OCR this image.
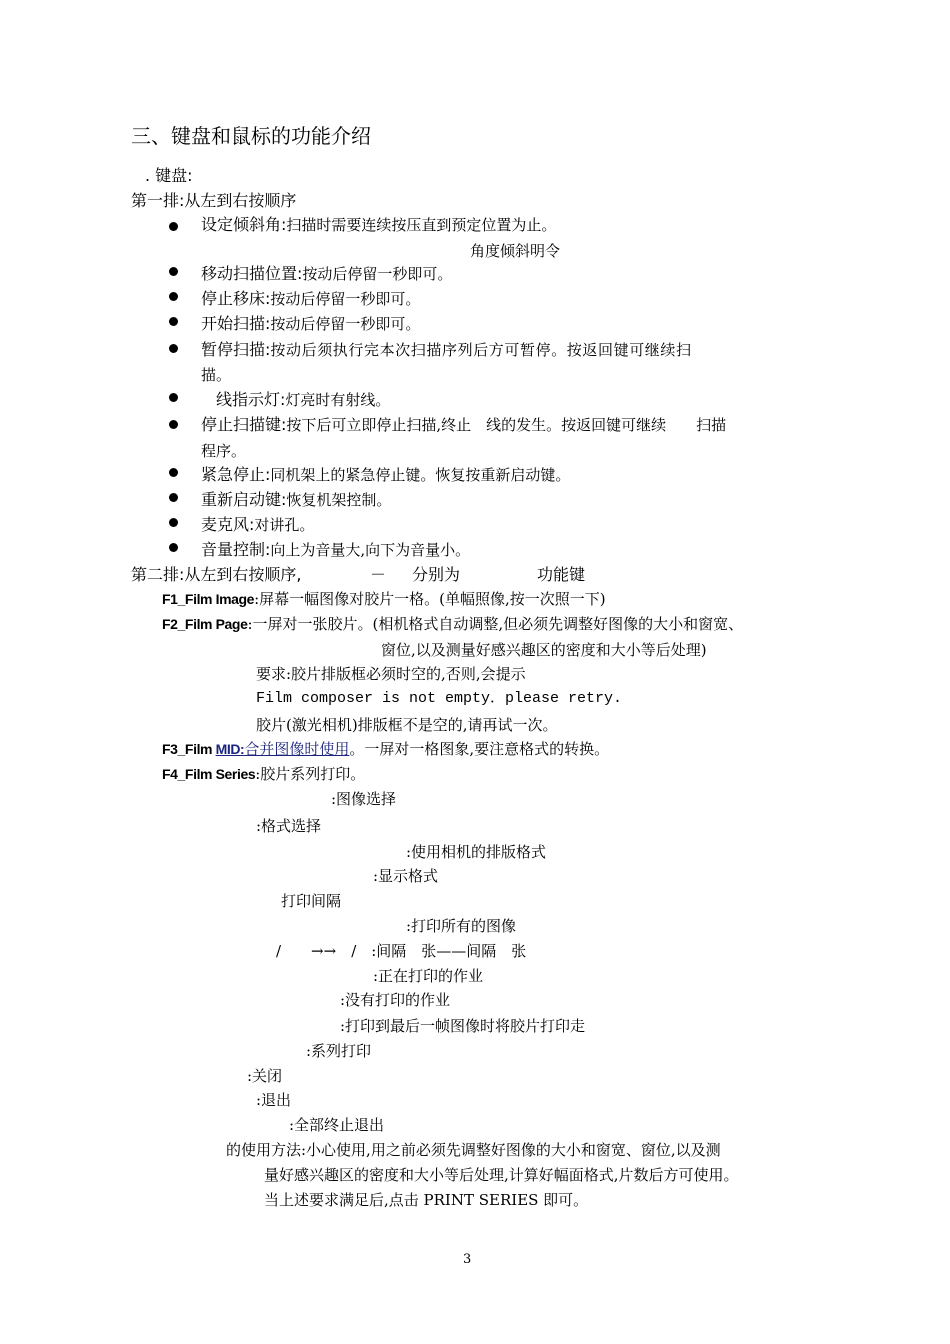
三、键盘和鼠标的功能介绍
. 键盘:
第一排:从左到右按顺序
设定倾斜角:扫描时需要连续按压直到预定位置为止。
角度倾斜明令
移动扫描位置:按动后停留一秒即可。
停止移床:按动后停留一秒即可。
开始扫描:按动后停留一秒即可。
暂停扫描:按动后须执行完本次扫描序列后方可暂停。按返回键可继续扫
描。
线指示灯:灯亮时有射线。
停止扫描键:按下后可立即停止扫描,终止　线的发生。按返回键可继续　　扫描
程序。
紧急停止:同机架上的紧急停止键。恢复按重新启动键。
重新启动键:恢复机架控制。
麦克风:对讲孔。
音量控制:向上为音量大,向下为音量小。
第二排:从左到右按顺序,	－ 分别为	功能键
F1_Film Image:屏幕一幅图像对胶片一格。(单幅照像,按一次照一下)
F2_Film Page:一屏对一张胶片。(相机格式自动调整,但必须先调整好图像的大小和窗宽、
窗位,以及测量好感兴趣区的密度和大小等后处理)
要求:胶片排版框必须时空的,否则,会提示
Film composer is not empty．please retry.
胶片(激光相机)排版框不是空的,请再试一次。
F3_Film MID:合并图像时使用。一屏对一格图象,要注意格式的转换。
F4_Film Series:胶片系列打印。
:图像选择
:格式选择
:使用相机的排版格式
:显示格式
打印间隔
:打印所有的图像
/　　→→　/　:间隔　张——间隔　张
:正在打印的作业
:没有打印的作业
:打印到最后一帧图像时将胶片打印走
:系列打印
:关闭
:退出
:全部终止退出
的使用方法:小心使用,用之前必须先调整好图像的大小和窗宽、窗位,以及测
量好感兴趣区的密度和大小等后处理,计算好幅面格式,片数后方可使用。
当上述要求满足后,点击 PRINT SERIES 即可。
3
